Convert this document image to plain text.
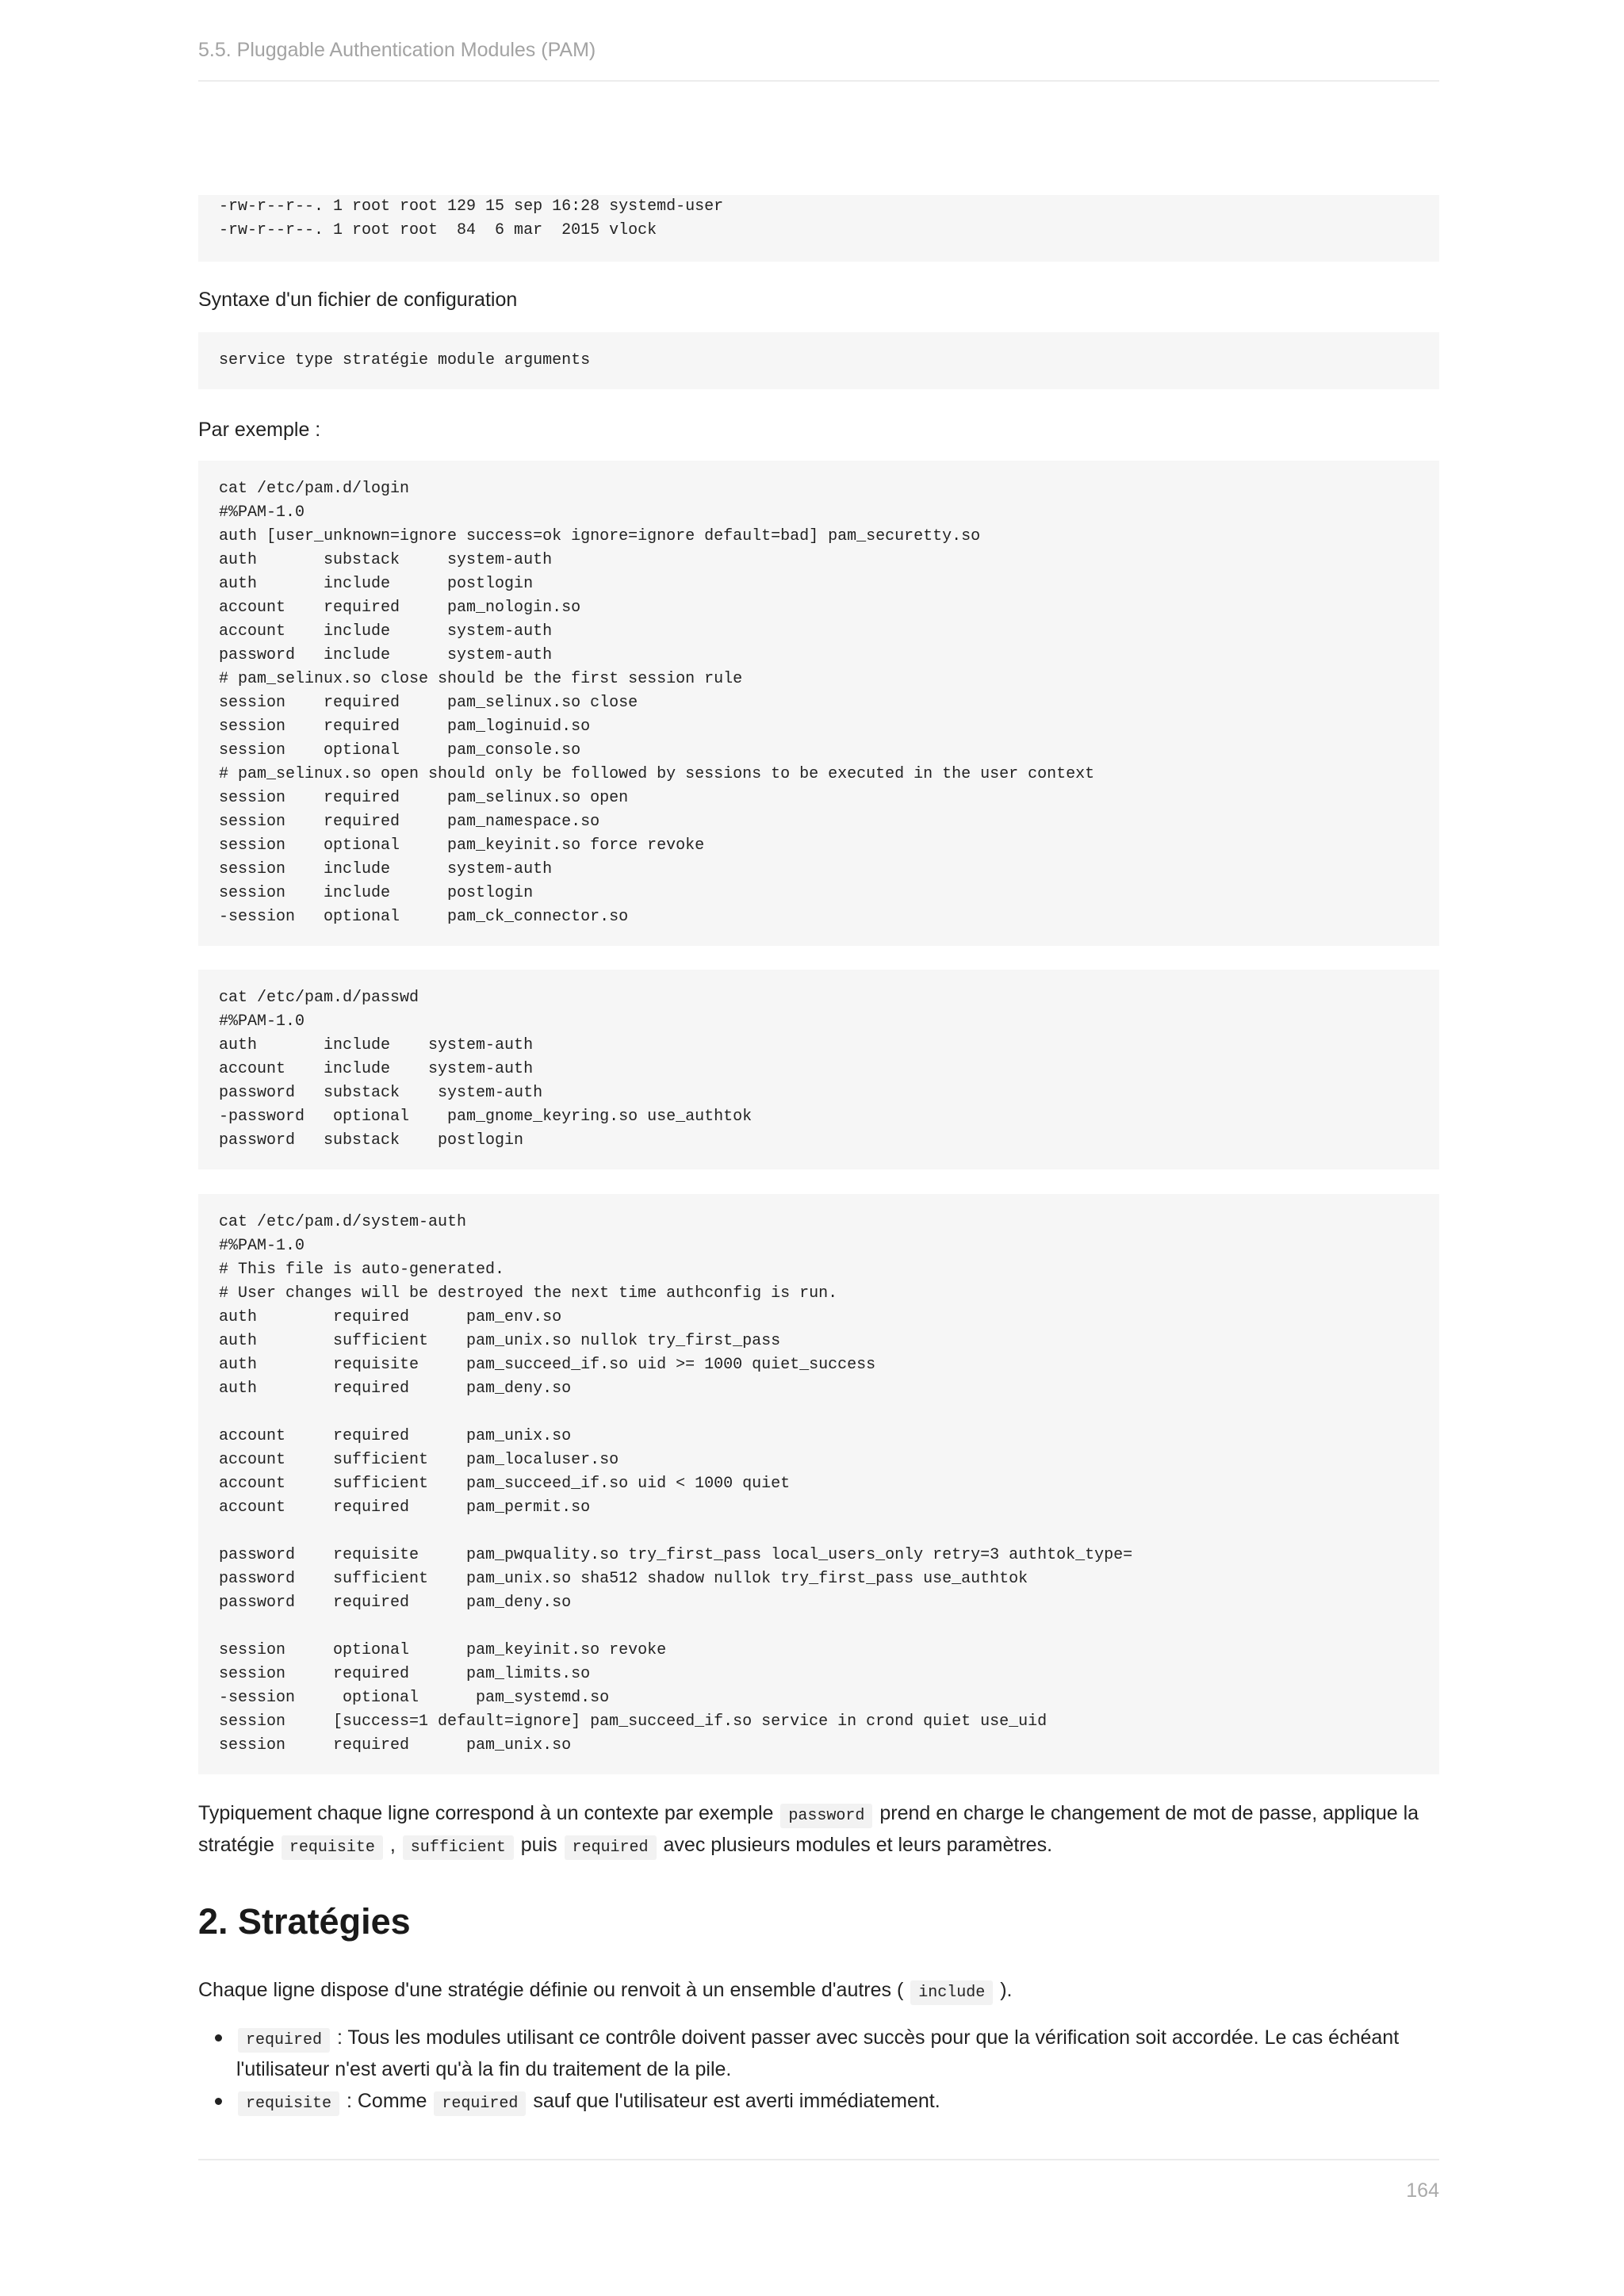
5.5. Pluggable Authentication Modules (PAM)
-rw-r--r--. 1 root root 129 15 sep 16:28 systemd-user
-rw-r--r--. 1 root root  84  6 mar  2015 vlock

Syntaxe d'un fichier de configuration

service type stratégie module arguments

Par exemple :

cat /etc/pam.d/login
#%PAM-1.0
auth [user_unknown=ignore success=ok ignore=ignore default=bad] pam_securetty.so
auth       substack     system-auth
auth       include      postlogin
account    required     pam_nologin.so
account    include      system-auth
password   include      system-auth
# pam_selinux.so close should be the first session rule
session    required     pam_selinux.so close
session    required     pam_loginuid.so
session    optional     pam_console.so
# pam_selinux.so open should only be followed by sessions to be executed in the user context
session    required     pam_selinux.so open
session    required     pam_namespace.so
session    optional     pam_keyinit.so force revoke
session    include      system-auth
session    include      postlogin
-session   optional     pam_ck_connector.so
cat /etc/pam.d/passwd
#%PAM-1.0
auth       include    system-auth
account    include    system-auth
password   substack    system-auth
-password   optional    pam_gnome_keyring.so use_authtok
password   substack    postlogin
cat /etc/pam.d/system-auth
#%PAM-1.0
# This file is auto-generated.
# User changes will be destroyed the next time authconfig is run.
auth        required      pam_env.so
auth        sufficient    pam_unix.so nullok try_first_pass
auth        requisite     pam_succeed_if.so uid >= 1000 quiet_success
auth        required      pam_deny.so
account     required      pam_unix.so
account     sufficient    pam_localuser.so
account     sufficient    pam_succeed_if.so uid < 1000 quiet
account     required      pam_permit.so
password    requisite     pam_pwquality.so try_first_pass local_users_only retry=3 authtok_type=
password    sufficient    pam_unix.so sha512 shadow nullok try_first_pass use_authtok
password    required      pam_deny.so
session     optional      pam_keyinit.so revoke
session     required      pam_limits.so
-session     optional      pam_systemd.so
session     [success=1 default=ignore] pam_succeed_if.so service in crond quiet use_uid
session     required      pam_unix.so

Typiquement chaque ligne correspond à un contexte par exemple password prend en charge le changement de mot de passe, applique la stratégie requisite , sufficient puis required avec plusieurs modules et leurs paramètres.

2. Stratégies

Chaque ligne dispose d'une stratégie définie ou renvoit à un ensemble d'autres ( include ).

required : Tous les modules utilisant ce contrôle doivent passer avec succès pour que la vérification soit accordée. Le cas échéant l'utilisateur n'est averti qu'à la fin du traitement de la pile.
requisite : Comme required sauf que l'utilisateur est averti immédiatement.
164
